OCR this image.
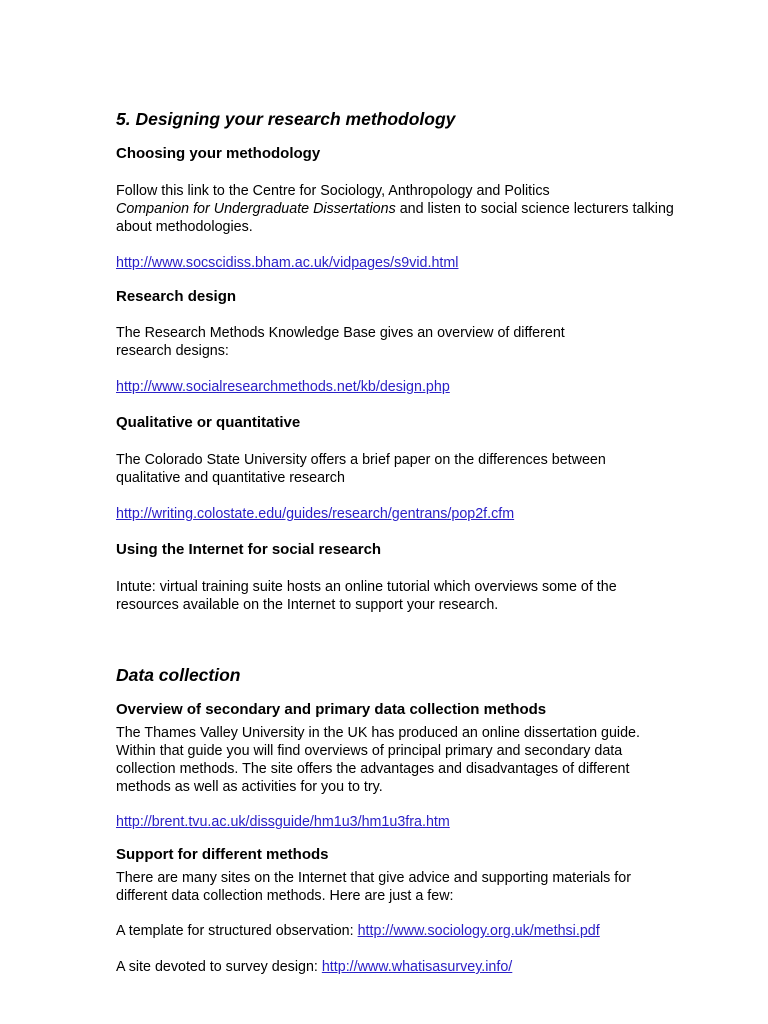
5. Designing your research methodology
Choosing your methodology

Follow this link to the Centre for Sociology, Anthropology and Politics
Companion for Undergraduate Dissertations and listen to social science lecturers talking about methodologies.

http://www.socscidiss.bham.ac.uk/vidpages/s9vid.html
Research design

The Research Methods Knowledge Base gives an overview of different research designs:

http://www.socialresearchmethods.net/kb/design.php
Qualitative or quantitative

The Colorado State University offers a brief paper on the differences between qualitative and quantitative research

http://writing.colostate.edu/guides/research/gentrans/pop2f.cfm
Using the Internet for social research

Intute: virtual training suite hosts an online tutorial which overviews some of the resources available on the Internet to support your research.

Data collection
Overview of secondary and primary data collection methods

The Thames Valley University in the UK has produced an online dissertation guide. Within that guide you will find overviews of principal primary and secondary data collection methods. The site offers the advantages and disadvantages of different methods as well as activities for you to try.

http://brent.tvu.ac.uk/dissguide/hm1u3/hm1u3fra.htm
Support for different methods

There are many sites on the Internet that give advice and supporting materials for different data collection methods. Here are just a few:

A template for structured observation: http://www.sociology.org.uk/methsi.pdf

A site devoted to survey design: http://www.whatisasurvey.info/
